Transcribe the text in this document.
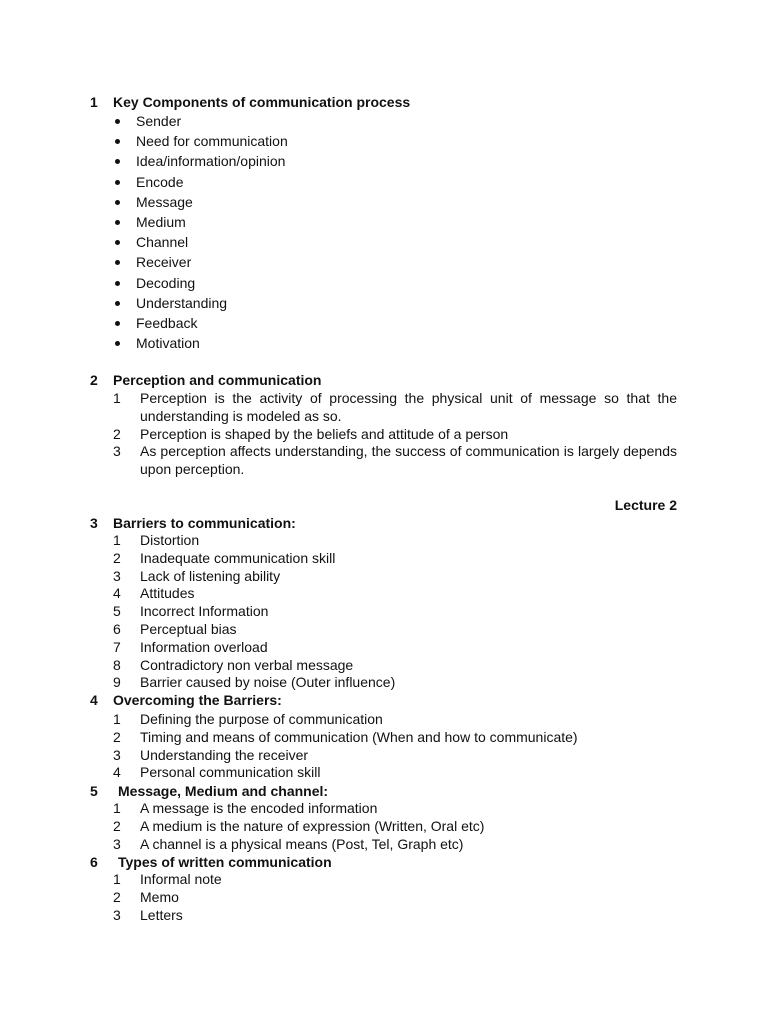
1 Key Components of communication process
Sender
Need for communication
Idea/information/opinion
Encode
Message
Medium
Channel
Receiver
Decoding
Understanding
Feedback
Motivation
2 Perception and communication
1 Perception is the activity of processing the physical unit of message so that the understanding is modeled as so.
2 Perception is shaped by the beliefs and attitude of a person
3 As perception affects understanding, the success of communication is largely depends upon perception.
Lecture 2
3 Barriers to communication:
1 Distortion
2 Inadequate communication skill
3 Lack of listening ability
4 Attitudes
5 Incorrect Information
6 Perceptual bias
7 Information overload
8 Contradictory non verbal message
9 Barrier caused by noise (Outer influence)
4 Overcoming the Barriers:
1 Defining the purpose of communication
2 Timing and means of communication (When and how to communicate)
3 Understanding the receiver
4 Personal communication skill
5 Message, Medium and channel:
1 A message is the encoded information
2 A medium is the nature of expression (Written, Oral etc)
3 A channel is a physical means (Post, Tel, Graph etc)
6 Types of written communication
1 Informal note
2 Memo
3 Letters
